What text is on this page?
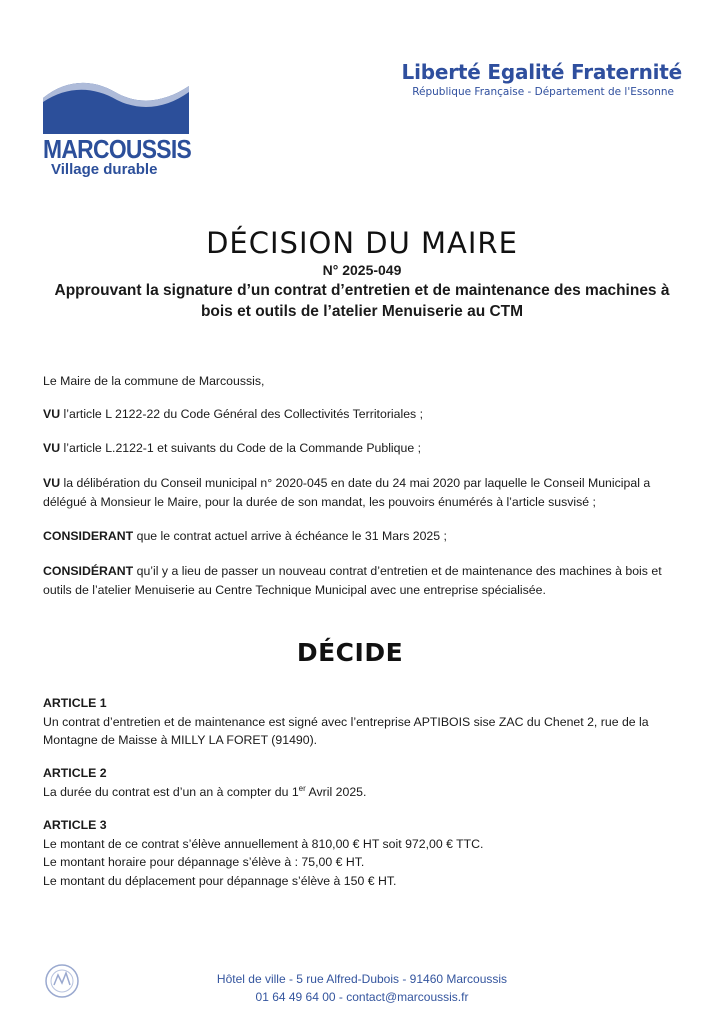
MARCOUSSIS
Village durable
Liberté Egalité Fraternité
République Française - Département de l'Essonne
DÉCISION DU MAIRE
N° 2025-049
Approuvant la signature d’un contrat d’entretien et de maintenance des machines à
bois et outils de l’atelier Menuiserie au CTM
Le Maire de la commune de Marcoussis,
VU l’article L 2122-22 du Code Général des Collectivités Territoriales ;
VU l’article L.2122-1 et suivants du Code de la Commande Publique ;
VU la délibération du Conseil municipal n° 2020-045 en date du 24 mai 2020 par laquelle le Conseil Municipal a délégué à Monsieur le Maire, pour la durée de son mandat, les pouvoirs énumérés à l’article susvisé ;
CONSIDERANT que le contrat actuel arrive à échéance le 31 Mars 2025 ;
CONSIDÉRANT qu’il y a lieu de passer un nouveau contrat d’entretien et de maintenance des machines à bois et outils de l’atelier Menuiserie au Centre Technique Municipal avec une entreprise spécialisée.
DÉCIDE
ARTICLE 1
Un contrat d’entretien et de maintenance est signé avec l’entreprise APTIBOIS sise ZAC du Chenet 2, rue de la Montagne de Maisse à MILLY LA FORET (91490).
ARTICLE 2
La durée du contrat est d’un an à compter du 1er Avril 2025.
ARTICLE 3
Le montant de ce contrat s’élève annuellement à 810,00 € HT soit 972,00 € TTC.
Le montant horaire pour dépannage s’élève à : 75,00 € HT.
Le montant du déplacement pour dépannage s’élève à 150 € HT.
Hôtel de ville - 5 rue Alfred-Dubois - 91460 Marcoussis
01 64 49 64 00 - contact@marcoussis.fr
